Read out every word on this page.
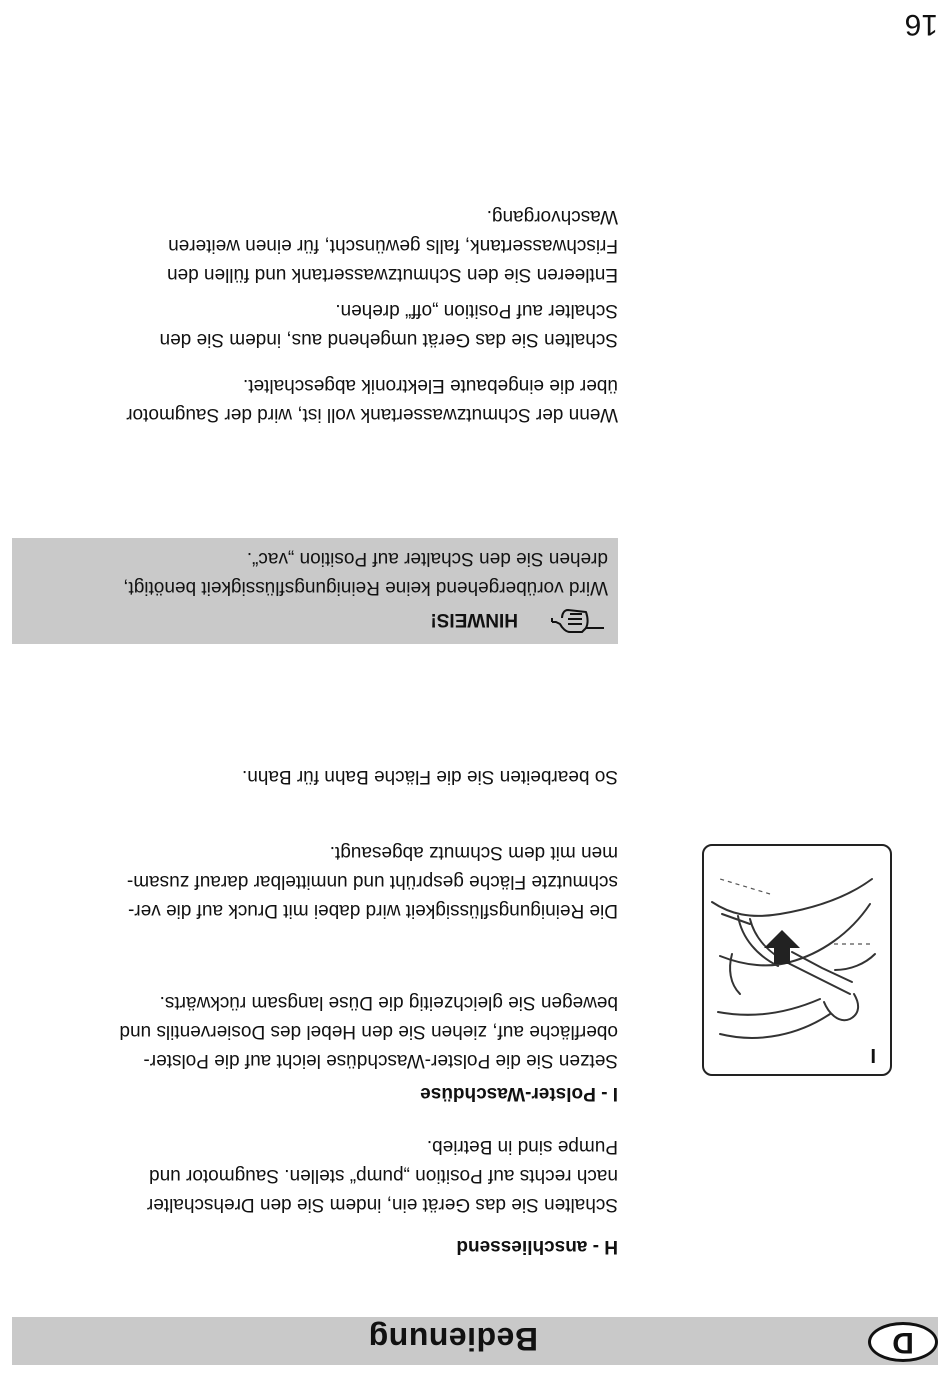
D
Bedienung
H - anschliessend

Schalten Sie das Gerät ein, indem Sie den Drehschalter
nach rechts auf Position „pump“ stellen. Saugmotor und
Pumpe sind in Betrieb.

I - Polster-Waschdüse

Setzen Sie die Polster-Waschdüse leicht auf die Polster-
oberfläche auf, ziehen Sie den Hebel des Dosierventils und
bewegen Sie gleichzeitig die Düse langsam rückwärts.

Die Reinigungsflüssigkeit wird dabei mit Druck auf die ver-
schmutzte Fläche gesprüht und unmittelbar darauf zusam-
men mit dem Schmutz abgesaugt.

So bearbeiten Sie die Fläche Bahn für Bahn.

I
HINWEIS!

Wird vorübergehend keine Reinigungsflüssigkeit benötigt,
drehen Sie den Schalter auf Position „vac“.

Wenn der Schmutzwassertank voll ist, wird der Saugmotor
über die eingebaute Elektronik abgeschaltet.

Schalten Sie das Gerät umgehend aus, indem Sie den
Schalter auf Position „off“ drehen.

Entleeren Sie den Schmutzwassertank und füllen den
Frischwassertank, falls gewünscht, für einen weiteren
Waschvorgang.

16
